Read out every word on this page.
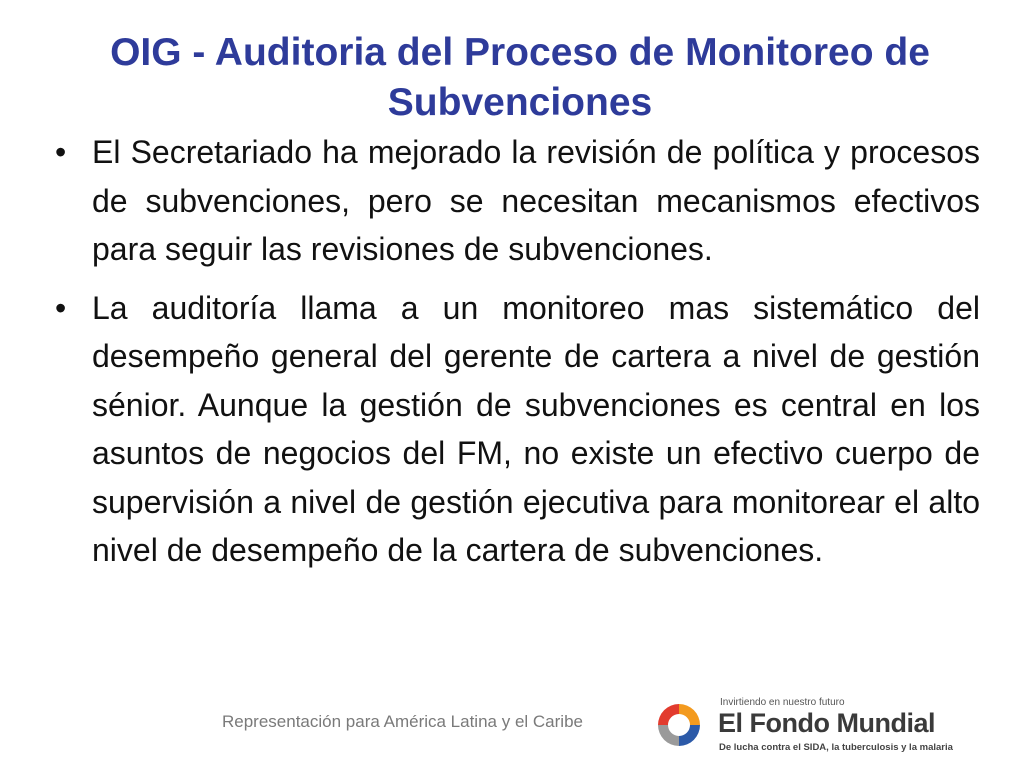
OIG - Auditoria del Proceso de Monitoreo de Subvenciones
• El Secretariado ha mejorado la revisión de política y procesos de subvenciones, pero se necesitan mecanismos efectivos para seguir las revisiones de subvenciones.
• La auditoría llama a un monitoreo mas sistemático del desempeño general del gerente de cartera a nivel de gestión sénior. Aunque la gestión de subvenciones es central en los asuntos de negocios del FM, no existe un efectivo cuerpo de supervisión a nivel de gestión ejecutiva para monitorear el alto nivel de desempeño de la cartera de subvenciones.
Representación para América Latina y el Caribe
Invirtiendo en nuestro futuro
El Fondo Mundial
De lucha contra el SIDA, la tuberculosis y la malaria
